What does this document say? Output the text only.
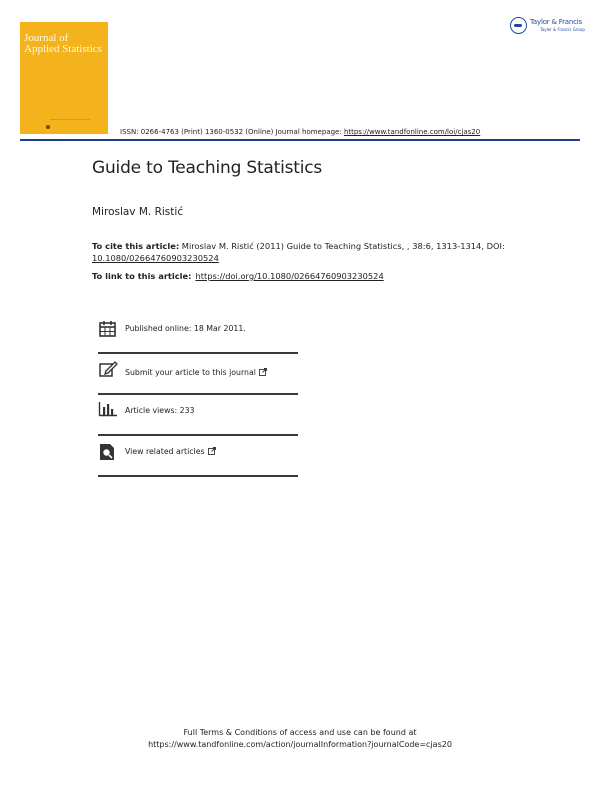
Journal of
Applied Statistics
Taylor & Francis
Taylor & Francis Group
ISSN: 0266-4763 (Print) 1360-0532 (Online) Journal homepage: https://www.tandfonline.com/loi/cjas20
Guide to Teaching Statistics
Miroslav M. Ristić
To cite this article: Miroslav M. Ristić (2011) Guide to Teaching Statistics, , 38:6, 1313-1314, DOI: 10.1080/02664760903230524
To link to this article: https://doi.org/10.1080/02664760903230524
Published online: 18 Mar 2011.
Submit your article to this journal
Article views: 233
View related articles
Full Terms & Conditions of access and use can be found at
https://www.tandfonline.com/action/journalInformation?journalCode=cjas20
